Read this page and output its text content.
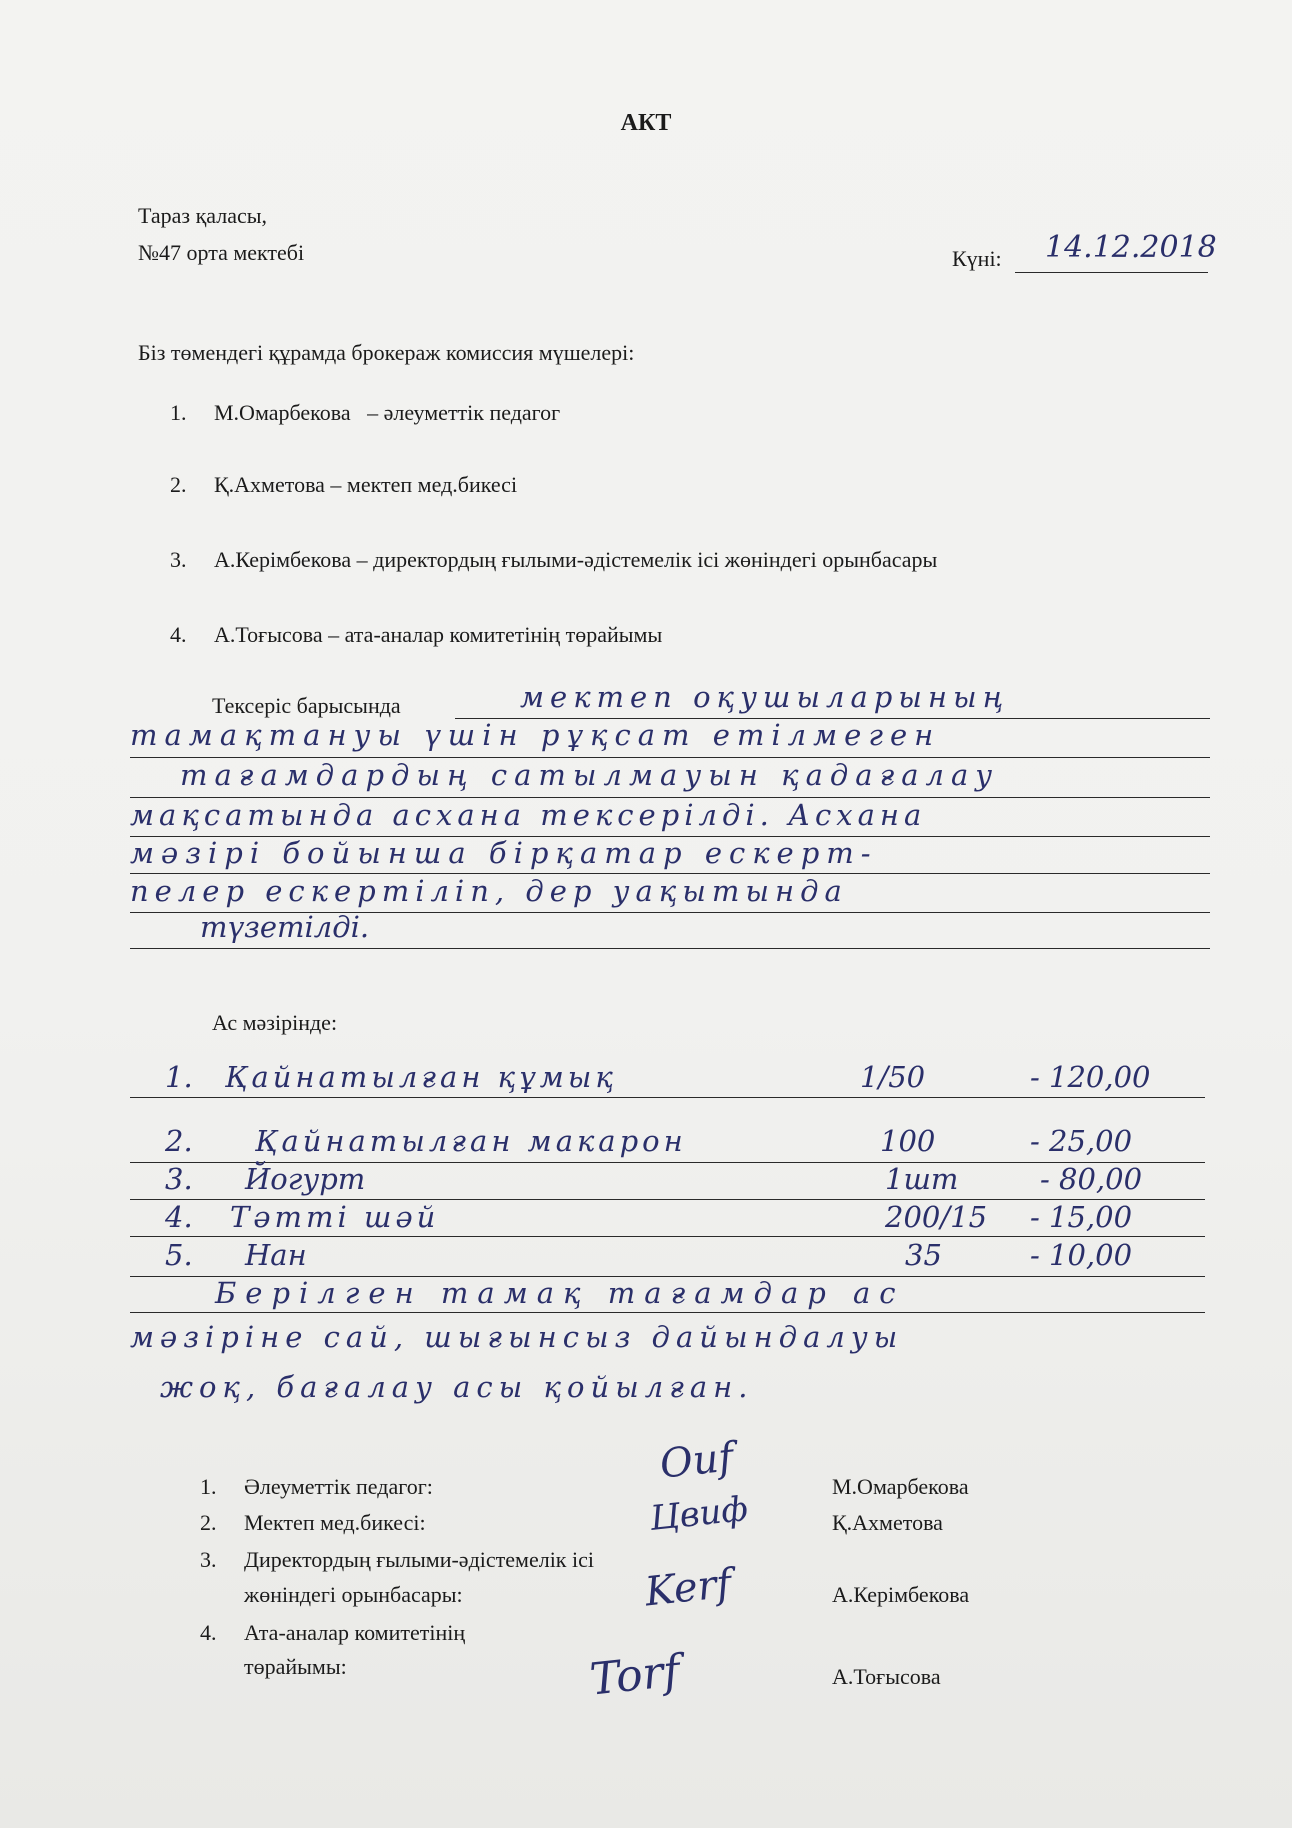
АКТ
Тараз қаласы,
№47 орта мектебі	Күні: 14.12.2018
Біз төмендегі құрамда брокераж комиссия мүшелері:
1. М.Омарбекова   – әлеуметтік педагог
2. Қ.Ахметова – мектеп мед.бикесі
3. А.Керімбекова – директордың ғылыми-әдістемелік ісі жөніндегі орынбасары
4. А.Тоғысова – ата-аналар комитетінің төрайымы
Тексеріс барысында	мектеп оқушыларының
тамақтануы үшін рұқсат етілмеген
тағамдардың сатылмауын қадағалау
мақсатында асхана тексерілді. Асхана
мәзірі бойынша бірқатар ескерт-
пелер ескертіліп, дер уақытында
түзетілді.
Ас мәзірінде:
1. Қайнатылған құмық	1/50	- 120,00
2. Қайнатылған макарон	100	- 25,00
3. Йогурт	1шт	- 80,00
4. Тәтті шәй	200/15 - 15,00
5. Нан	35	- 10,00
Берілген тамақ тағамдар ас
мәзіріне сай, шығынсыз дайындалуы
жоқ, бағалау асы қойылған.
1. Әлеуметтік педагог:	М.Омарбекова
Ouf
2. Мектеп мед.бикесі:	Қ.Ахметова
Цвиф
3. Директордың ғылыми-әдістемелік ісі
жөніндегі орынбасары:	А.Керімбекова
Kerf
4. Ата-аналар комитетінің
төрайымы:	А.Тоғысова
Torf
